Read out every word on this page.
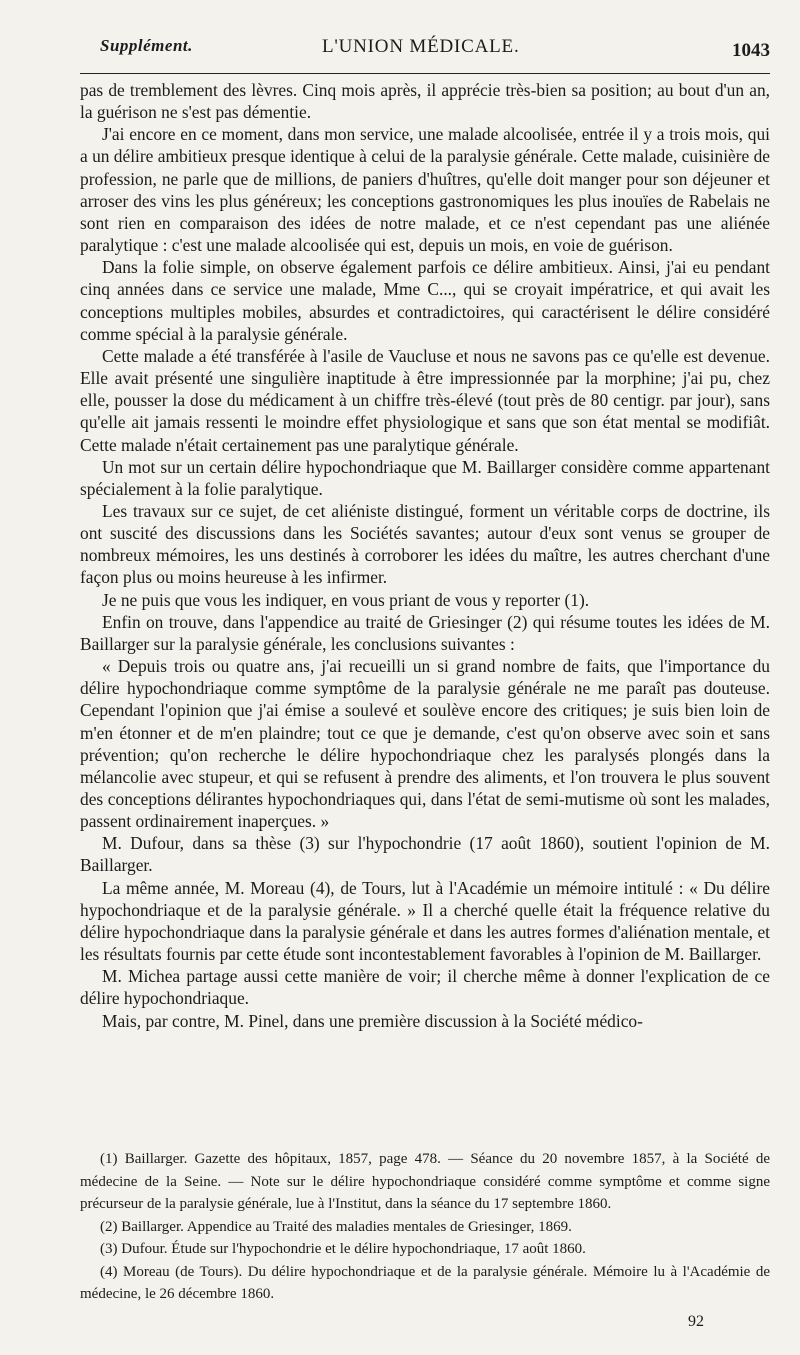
Supplément.	L'UNION MÉDICALE.	1043

pas de tremblement des lèvres. Cinq mois après, il apprécie très-bien sa position; au bout d'un an, la guérison ne s'est pas démentie.

J'ai encore en ce moment, dans mon service, une malade alcoolisée, entrée il y a trois mois, qui a un délire ambitieux presque identique à celui de la paralysie générale. Cette malade, cuisinière de profession, ne parle que de millions, de paniers d'huîtres, qu'elle doit manger pour son déjeuner et arroser des vins les plus généreux; les conceptions gastronomiques les plus inouïes de Rabelais ne sont rien en comparaison des idées de notre malade, et ce n'est cependant pas une aliénée paralytique : c'est une malade alcoolisée qui est, depuis un mois, en voie de guérison.

Dans la folie simple, on observe également parfois ce délire ambitieux. Ainsi, j'ai eu pendant cinq années dans ce service une malade, Mme C..., qui se croyait impératrice, et qui avait les conceptions multiples mobiles, absurdes et contradictoires, qui caractérisent le délire considéré comme spécial à la paralysie générale.

Cette malade a été transférée à l'asile de Vaucluse et nous ne savons pas ce qu'elle est devenue. Elle avait présenté une singulière inaptitude à être impressionnée par la morphine; j'ai pu, chez elle, pousser la dose du médicament à un chiffre très-élevé (tout près de 80 centigr. par jour), sans qu'elle ait jamais ressenti le moindre effet physiologique et sans que son état mental se modifiât. Cette malade n'était certainement pas une paralytique générale.

Un mot sur un certain délire hypochondriaque que M. Baillarger considère comme appartenant spécialement à la folie paralytique.

Les travaux sur ce sujet, de cet aliéniste distingué, forment un véritable corps de doctrine, ils ont suscité des discussions dans les Sociétés savantes; autour d'eux sont venus se grouper de nombreux mémoires, les uns destinés à corroborer les idées du maître, les autres cherchant d'une façon plus ou moins heureuse à les infirmer.

Je ne puis que vous les indiquer, en vous priant de vous y reporter (1).

Enfin on trouve, dans l'appendice au traité de Griesinger (2) qui résume toutes les idées de M. Baillarger sur la paralysie générale, les conclusions suivantes :

« Depuis trois ou quatre ans, j'ai recueilli un si grand nombre de faits, que l'importance du délire hypochondriaque comme symptôme de la paralysie générale ne me paraît pas douteuse. Cependant l'opinion que j'ai émise a soulevé et soulève encore des critiques; je suis bien loin de m'en étonner et de m'en plaindre; tout ce que je demande, c'est qu'on observe avec soin et sans prévention; qu'on recherche le délire hypochondriaque chez les paralysés plongés dans la mélancolie avec stupeur, et qui se refusent à prendre des aliments, et l'on trouvera le plus souvent des conceptions délirantes hypochondriaques qui, dans l'état de semi-mutisme où sont les malades, passent ordinairement inaperçues. »

M. Dufour, dans sa thèse (3) sur l'hypochondrie (17 août 1860), soutient l'opinion de M. Baillarger.

La même année, M. Moreau (4), de Tours, lut à l'Académie un mémoire intitulé : « Du délire hypochondriaque et de la paralysie générale. » Il a cherché quelle était la fréquence relative du délire hypochondriaque dans la paralysie générale et dans les autres formes d'aliénation mentale, et les résultats fournis par cette étude sont incontestablement favorables à l'opinion de M. Baillarger.

M. Michea partage aussi cette manière de voir; il cherche même à donner l'explication de ce délire hypochondriaque.

Mais, par contre, M. Pinel, dans une première discussion à la Société médico-

(1) Baillarger. Gazette des hôpitaux, 1857, page 478. — Séance du 20 novembre 1857, à la Société de médecine de la Seine. — Note sur le délire hypochondriaque considéré comme symptôme et comme signe précurseur de la paralysie générale, lue à l'Institut, dans la séance du 17 septembre 1860.

(2) Baillarger. Appendice au Traité des maladies mentales de Griesinger, 1869.

(3) Dufour. Étude sur l'hypochondrie et le délire hypochondriaque, 17 août 1860.

(4) Moreau (de Tours). Du délire hypochondriaque et de la paralysie générale. Mémoire lu à l'Académie de médecine, le 26 décembre 1860.

92
